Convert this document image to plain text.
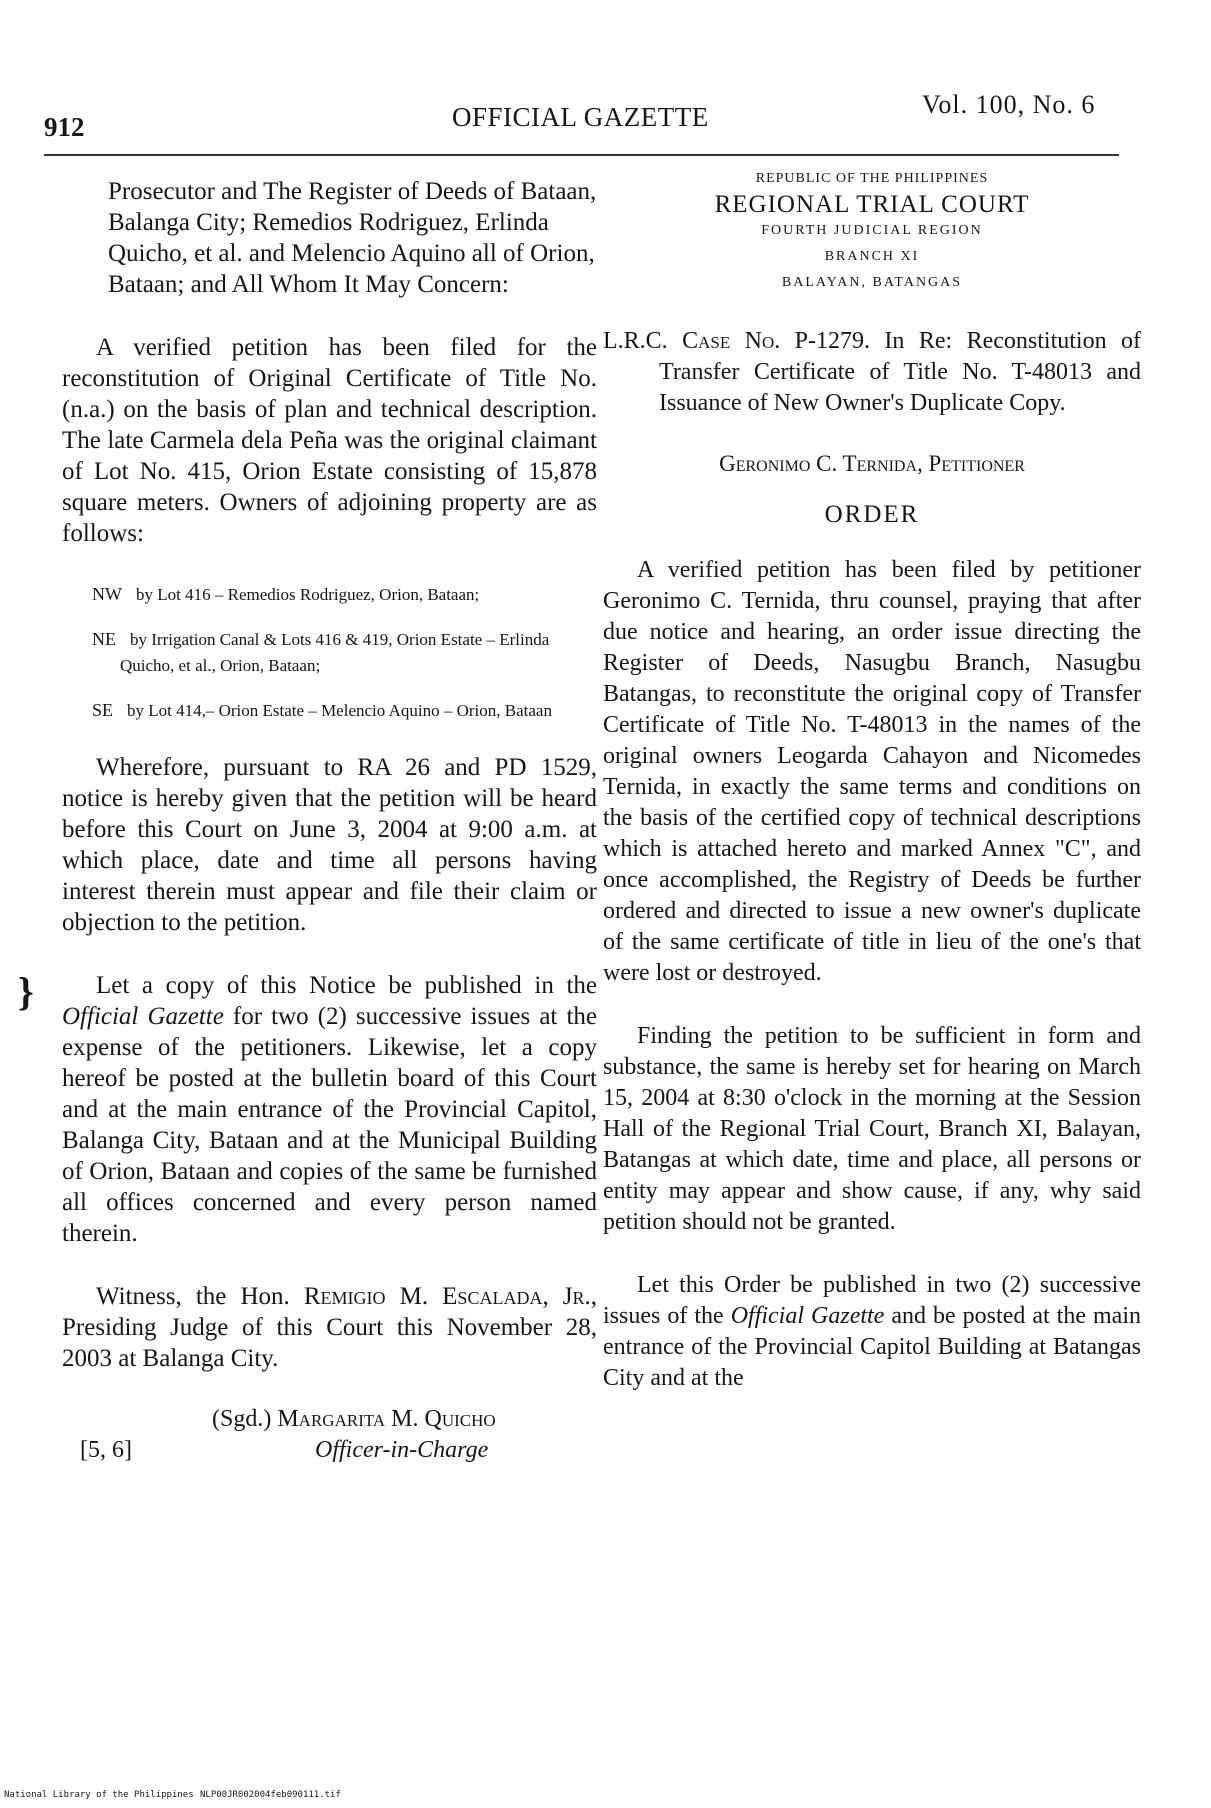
912	OFFICIAL GAZETTE	Vol. 100, No. 6
}
Prosecutor and The Register of Deeds of Bataan, Balanga City; Remedios Rodriguez, Erlinda Quicho, et al. and Melencio Aquino all of Orion, Bataan; and All Whom It May Concern:

A verified petition has been filed for the reconstitution of Original Certificate of Title No. (n.a.) on the basis of plan and technical description. The late Carmela dela Peña was the original claimant of Lot No. 415, Orion Estate consisting of 15,878 square meters. Owners of adjoining property are as follows:

NW by Lot 416 – Remedios Rodriguez, Orion, Bataan;
NE by Irrigation Canal & Lots 416 & 419, Orion Estate – Erlinda Quicho, et al., Orion, Bataan;
SE by Lot 414,– Orion Estate – Melencio Aquino – Orion, Bataan

Wherefore, pursuant to RA 26 and PD 1529, notice is hereby given that the petition will be heard before this Court on June 3, 2004 at 9:00 a.m. at which place, date and time all persons having interest therein must appear and file their claim or objection to the petition.

Let a copy of this Notice be published in the Official Gazette for two (2) successive issues at the expense of the petitioners. Likewise, let a copy hereof be posted at the bulletin board of this Court and at the main entrance of the Provincial Capitol, Balanga City, Bataan and at the Municipal Building of Orion, Bataan and copies of the same be furnished all offices concerned and every person named therein.

Witness, the Hon. Remigio M. Escalada, Jr., Presiding Judge of this Court this November 28, 2003 at Balanga City.

(Sgd.) Margarita M. Quicho
[5, 6]	Officer-in-Charge
REPUBLIC OF THE PHILIPPINES
REGIONAL TRIAL COURT
FOURTH JUDICIAL REGION
BRANCH XI
BALAYAN, BATANGAS

L.R.C. Case No. P-1279. In Re: Reconstitution of Transfer Certificate of Title No. T-48013 and Issuance of New Owner's Duplicate Copy.

Geronimo C. Ternida, Petitioner

ORDER

A verified petition has been filed by petitioner Geronimo C. Ternida, thru counsel, praying that after due notice and hearing, an order issue directing the Register of Deeds, Nasugbu Branch, Nasugbu Batangas, to reconstitute the original copy of Transfer Certificate of Title No. T-48013 in the names of the original owners Leogarda Cahayon and Nicomedes Ternida, in exactly the same terms and conditions on the basis of the certified copy of technical descriptions which is attached hereto and marked Annex "C", and once accomplished, the Registry of Deeds be further ordered and directed to issue a new owner's duplicate of the same certificate of title in lieu of the one's that were lost or destroyed.

Finding the petition to be sufficient in form and substance, the same is hereby set for hearing on March 15, 2004 at 8:30 o'clock in the morning at the Session Hall of the Regional Trial Court, Branch XI, Balayan, Batangas at which date, time and place, all persons or entity may appear and show cause, if any, why said petition should not be granted.

Let this Order be published in two (2) successive issues of the Official Gazette and be posted at the main entrance of the Provincial Capitol Building at Batangas City and at the

National Library of the Philippines NLP00JR002004feb090111.tif
